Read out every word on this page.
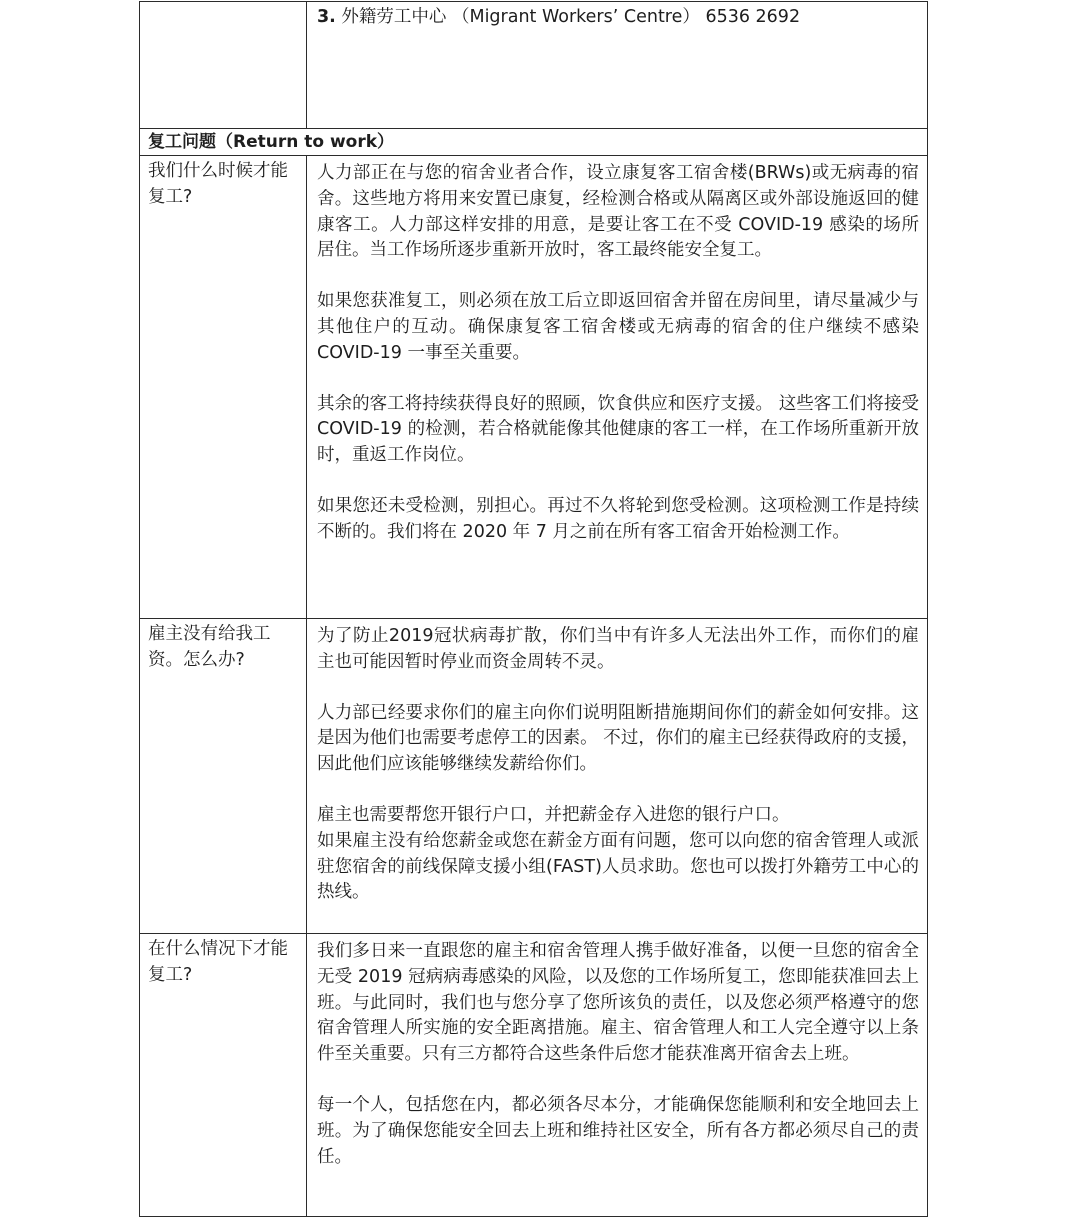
	3. 外籍劳工中心 （Migrant Workers’ Centre） 6536 2692

复工问题（Return to work）	

我们什么时候才能复工?	人力部正在与您的宿舍业者合作，设立康复客工宿舍楼(BRWs)或无病毒的宿舍。这些地方将用来安置已康复，经检测合格或从隔离区或外部设施返回的健康客工。人力部这样安排的用意，是要让客工在不受 COVID-19 感染的场所居住。当工作场所逐步重新开放时，客工最终能安全复工。

如果您获准复工，则必须在放工后立即返回宿舍并留在房间里，请尽量减少与其他住户的互动。确保康复客工宿舍楼或无病毒的宿舍的住户继续不感染 COVID-19 一事至关重要。

其余的客工将持续获得良好的照顾，饮食供应和医疗支援。 这些客工们将接受 COVID-19 的检测，若合格就能像其他健康的客工一样，在工作场所重新开放时，重返工作岗位。

如果您还未受检测，别担心。再过不久将轮到您受检测。这项检测工作是持续不断的。我们将在 2020 年 7 月之前在所有客工宿舍开始检测工作。

雇主没有给我工资。怎么办?	为了防止2019冠状病毒扩散，你们当中有许多人无法出外工作，而你们的雇主也可能因暂时停业而资金周转不灵。

人力部已经要求你们的雇主向你们说明阻断措施期间你们的薪金如何安排。这是因为他们也需要考虑停工的因素。 不过，你们的雇主已经获得政府的支援，因此他们应该能够继续发薪给你们。

雇主也需要帮您开银行户口，并把薪金存入进您的银行户口。

如果雇主没有给您薪金或您在薪金方面有问题，您可以向您的宿舍管理人或派驻您宿舍的前线保障支援小组(FAST)人员求助。您也可以拨打外籍劳工中心的热线。

在什么情况下才能复工?	我们多日来一直跟您的雇主和宿舍管理人携手做好准备，以便一旦您的宿舍全无受 2019 冠病病毒感染的风险，以及您的工作场所复工，您即能获准回去上班。与此同时，我们也与您分享了您所该负的责任，以及您必须严格遵守的您宿舍管理人所实施的安全距离措施。雇主、宿舍管理人和工人完全遵守以上条件至关重要。只有三方都符合这些条件后您才能获准离开宿舍去上班。

每一个人，包括您在内，都必须各尽本分，才能确保您能顺利和安全地回去上班。为了确保您能安全回去上班和维持社区安全，所有各方都必须尽自己的责任。
